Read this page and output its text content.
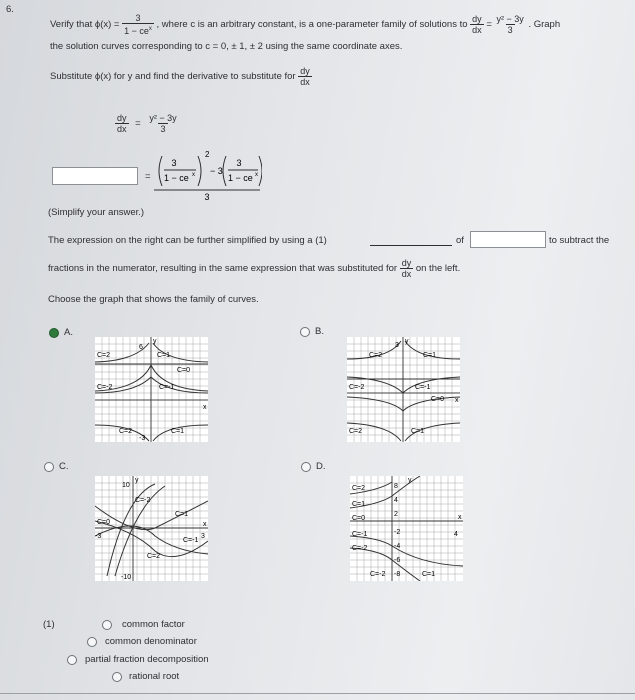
6.
Verify that $\phi(x) = \frac{3}{1 - ce^x}$ , where c is an arbitrary constant, is a one-parameter family of solutions to $\frac{dy}{dx} = \frac{\text{y² − 3y}}{3}$ . Graph
the solution curves corresponding to c = 0, ± 1, ± 2 using the same coordinate axes.
Substitute ϕ(x) for y and find the derivative to substitute for $\frac{dy}{dx}$
$\frac{dy}{dx} = \frac{\text{y² − 3y}}{3}$
=
3
1 − ce x
2
− 3
3
1 − ce x
3
(Simplify your answer.)
The expression on the right can be further simplified by using a (1)	of	to subtract the
fractions in the numerator, resulting in the same expression that was substituted for $\frac{dy}{dx}$ on the left.
Choose the graph that shows the family of curves.
A.	B.
C.	D.
y
x
6
-3
C=2	C=1
C=0
C=-2	C=-1
C=2	C=1
y
x
3
C=2	C=1
C=-2	C=-1
C=0
C=2	C=1
y
x
10
-10
C=-2
C=1
C=0
C=-1
C=2
-3	3
y
x
C=2
C=1
C=0
C=-1
C=-2
C=-2	C=1
8
4
2
-2
-4
-6
-8
4
(1)	common factor
common denominator
partial fraction decomposition
rational root
